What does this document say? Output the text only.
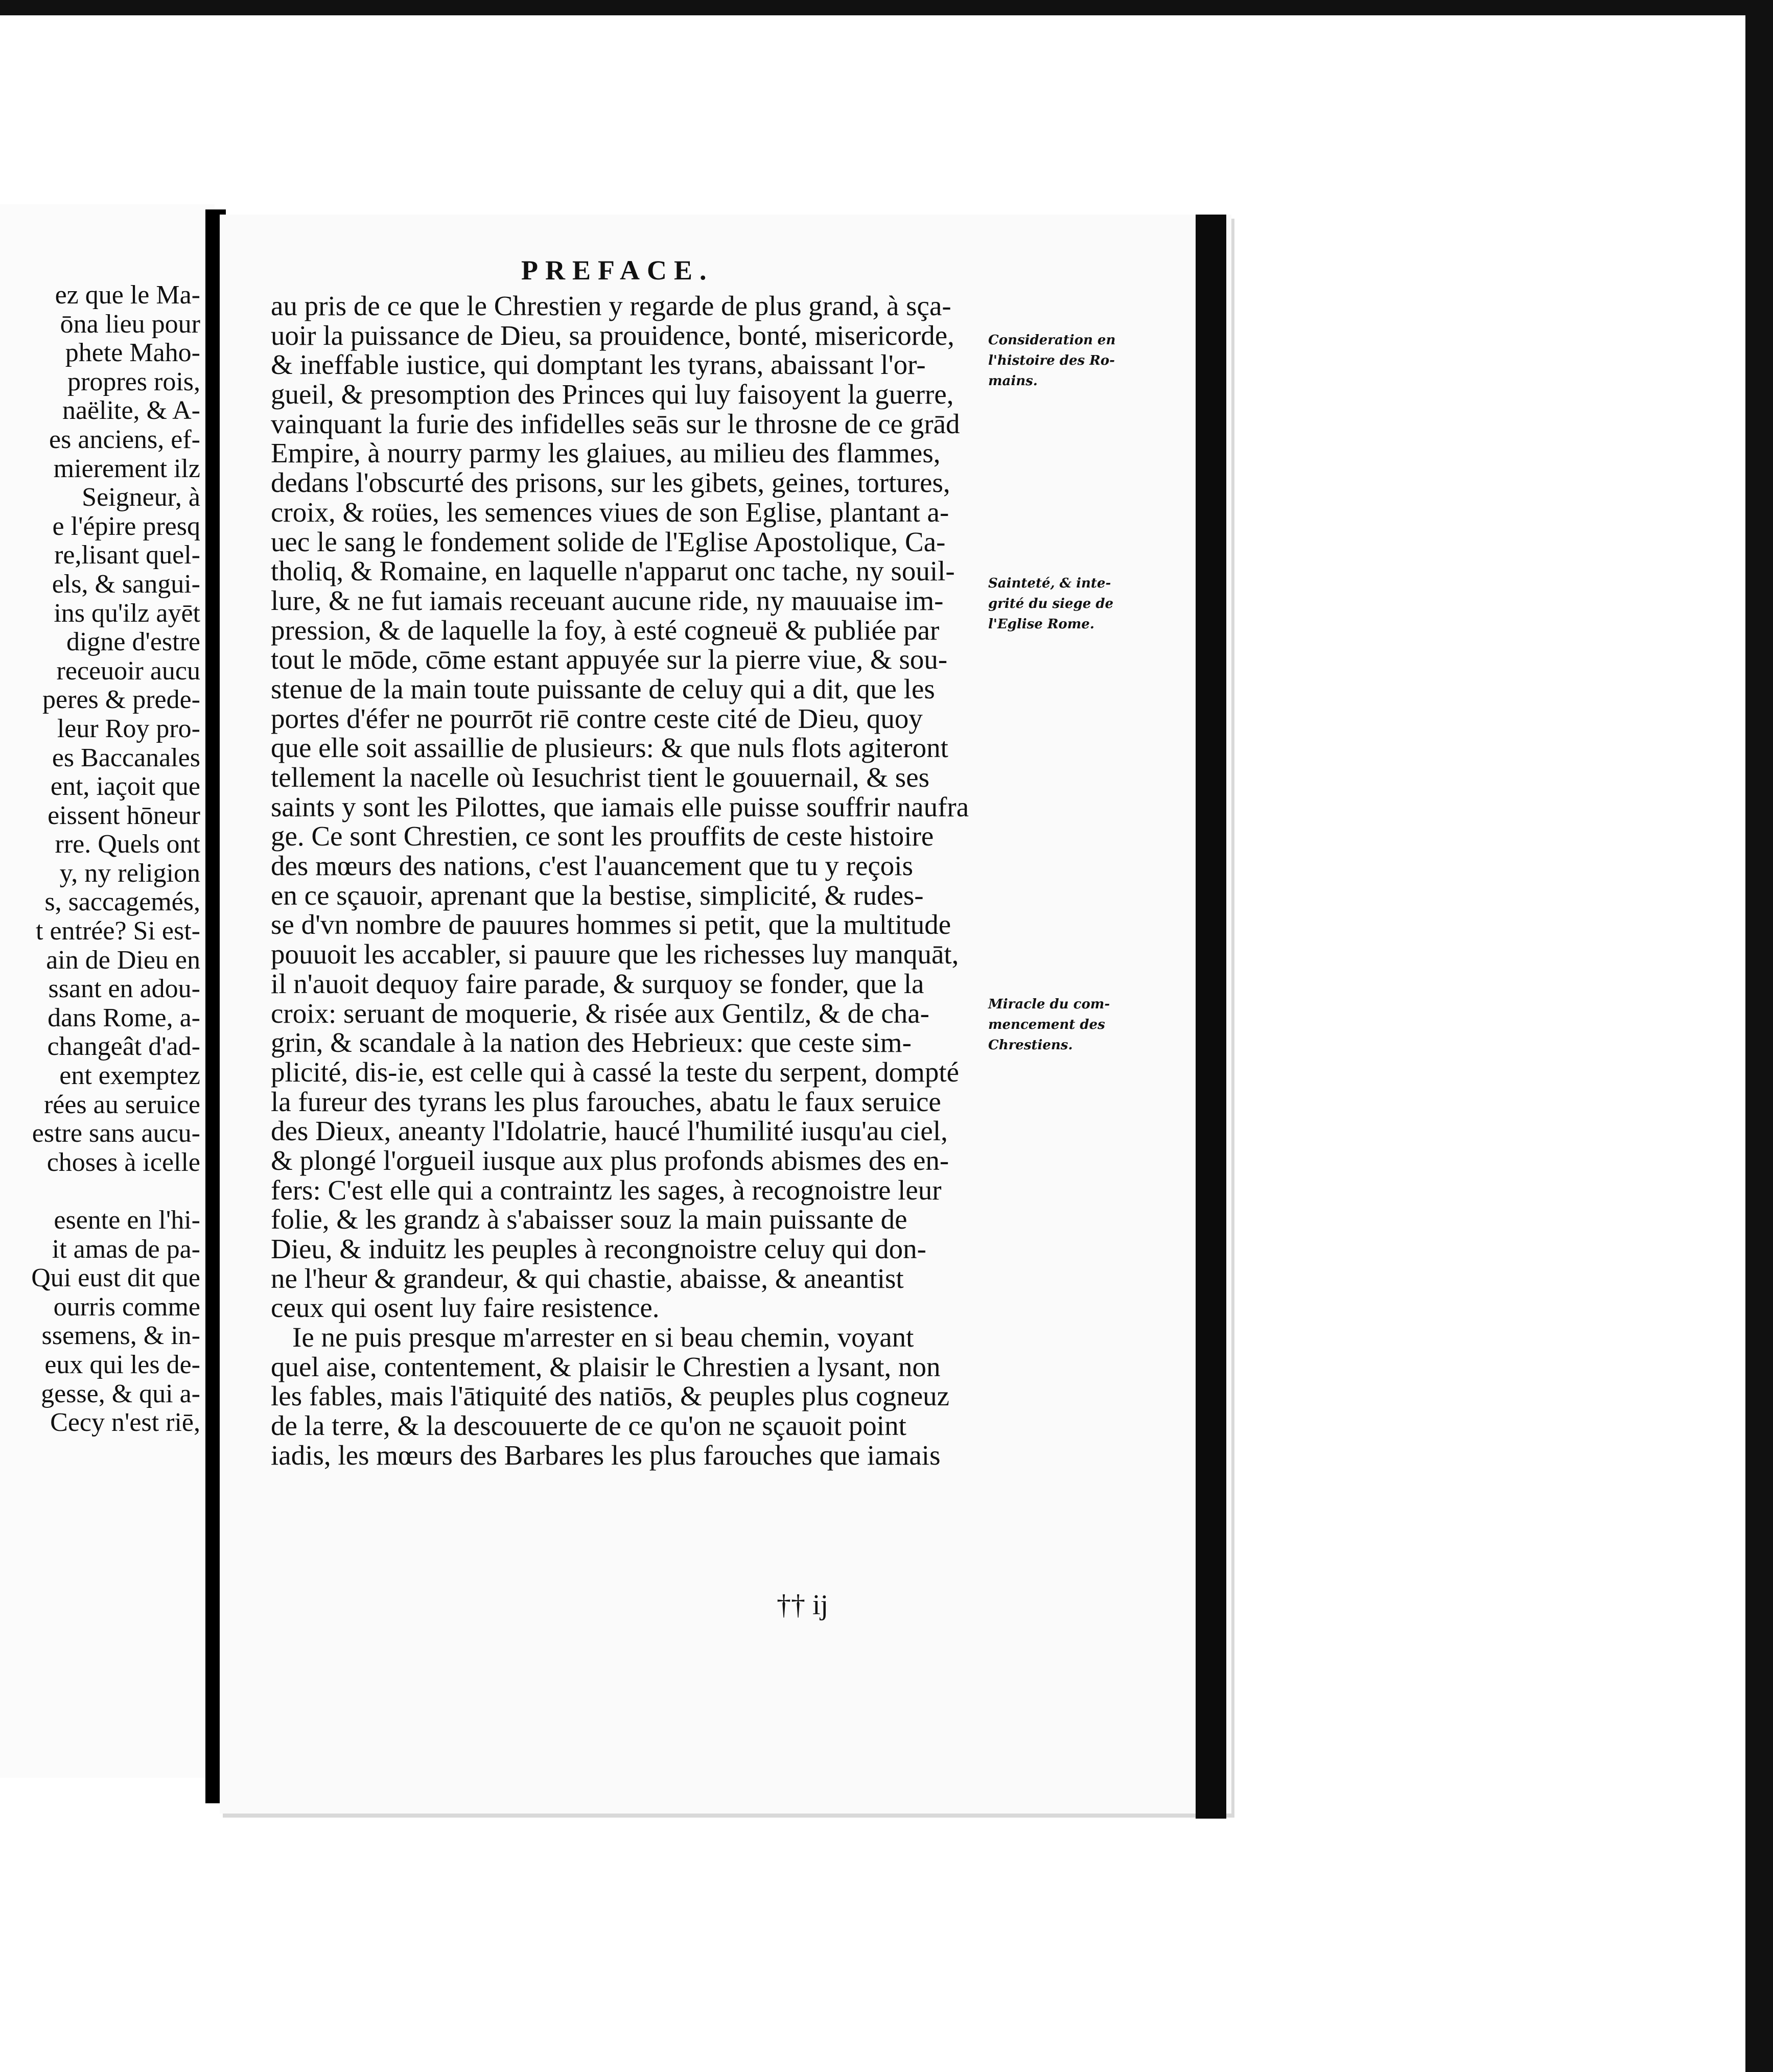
ez que le Ma-
ōna lieu pour
phete Maho-
propres rois,
naëlite, & A-
es anciens, ef-
mierement ilz
Seigneur, à
e l'épire presq
re,lisant quel-
els, & sangui-
ins qu'ilz ayēt
digne d'estre
receuoir aucu
peres & prede-
leur Roy pro-
es Baccanales
ent, iaçoit que
eissent hōneur
rre. Quels ont
y, ny religion
s, saccagemés,
t entrée? Si est-
ain de Dieu en
ssant en adou-
dans Rome, a-
changeât d'ad-
ent exemptez
rées au seruice
estre sans aucu-
choses à icelle

esente en l'hi-
it amas de pa-
Qui eust dit que
ourris comme
ssemens, & in-
eux qui les de-
gesse, & qui a-
Cecy n'est riē,
PREFACE.
au pris de ce que le Chrestien y regarde de plus grand, à sça-
uoir la puissance de Dieu, sa prouidence, bonté, misericorde,
& ineffable iustice, qui domptant les tyrans, abaissant l'or-
gueil, & presomption des Princes qui luy faisoyent la guerre,
vainquant la furie des infidelles seās sur le throsne de ce grād
Empire, à nourry parmy les glaiues, au milieu des flammes,
dedans l'obscurté des prisons, sur les gibets, geines, tortures,
croix, & roües, les semences viues de son Eglise, plantant a-
uec le sang le fondement solide de l'Eglise Apostolique, Ca-
tholiq, & Romaine, en laquelle n'apparut onc tache, ny souil-
lure, & ne fut iamais receuant aucune ride, ny mauuaise im-
pression, & de laquelle la foy, à esté cogneuë & publiée par
tout le mōde, cōme estant appuyée sur la pierre viue, & sou-
stenue de la main toute puissante de celuy qui a dit, que les
portes d'éfer ne pourrōt riē contre ceste cité de Dieu, quoy
que elle soit assaillie de plusieurs: & que nuls flots agiteront
tellement la nacelle où Iesuchrist tient le gouuernail, & ses
saints y sont les Pilottes, que iamais elle puisse souffrir naufra
ge. Ce sont Chrestien, ce sont les prouffits de ceste histoire
des mœurs des nations, c'est l'auancement que tu y reçois
en ce sçauoir, aprenant que la bestise, simplicité, & rudes-
se d'vn nombre de pauures hommes si petit, que la multitude
pouuoit les accabler, si pauure que les richesses luy manquāt,
il n'auoit dequoy faire parade, & surquoy se fonder, que la
croix: seruant de moquerie, & risée aux Gentilz, & de cha-
grin, & scandale à la nation des Hebrieux: que ceste sim-
plicité, dis-ie, est celle qui à cassé la teste du serpent, dompté
la fureur des tyrans les plus farouches, abatu le faux seruice
des Dieux, aneanty l'Idolatrie, haucé l'humilité iusqu'au ciel,
& plongé l'orgueil iusque aux plus profonds abismes des en-
fers: C'est elle qui a contraintz les sages, à recognoistre leur
folie, & les grandz à s'abaisser souz la main puissante de
Dieu, & induitz les peuples à recongnoistre celuy qui don-
ne l'heur & grandeur, & qui chastie, abaisse, & aneantist
ceux qui osent luy faire resistence.
Ie ne puis presque m'arrester en si beau chemin, voyant
quel aise, contentement, & plaisir le Chrestien a lysant, non
les fables, mais l'ātiquité des natiōs, & peuples plus cogneuz
de la terre, & la descouuerte de ce qu'on ne sçauoit point
iadis, les mœurs des Barbares les plus farouches que iamais
†† ij
Consideration en
l'histoire des Ro-
mains.
Sainteté, & inte-
grité du siege de
l'Eglise Rome.
Miracle du com-
mencement des
Chrestiens.
